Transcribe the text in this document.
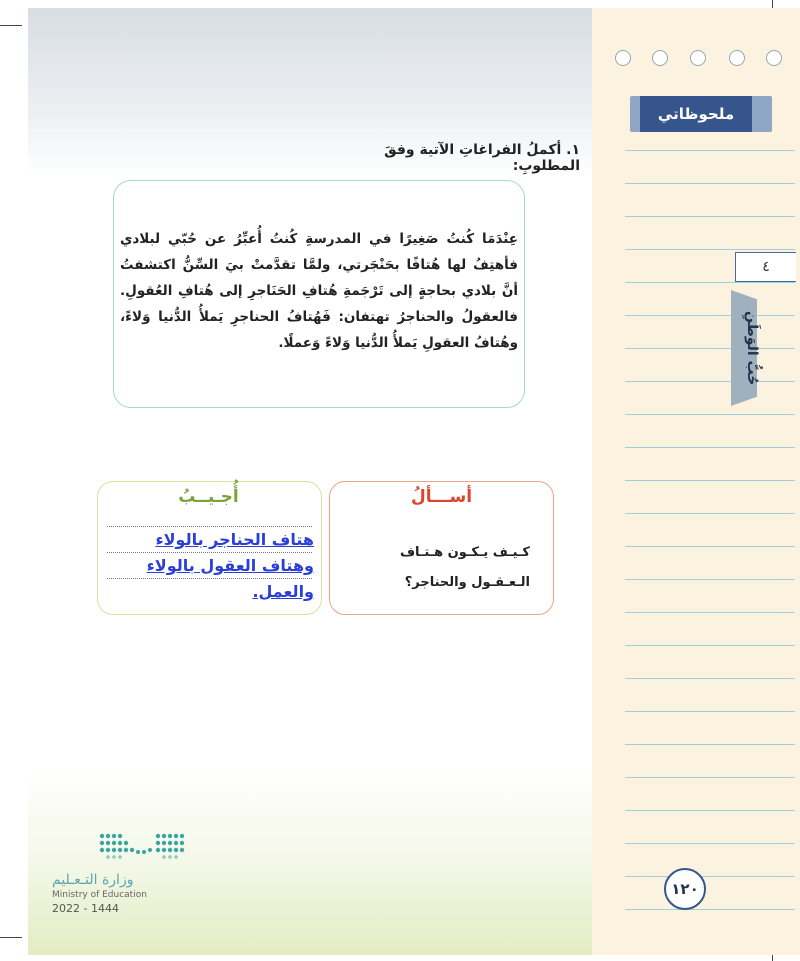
ملحوظاتي
٤
حُبُّ الوَطَنِ
١. أكملُ الفراغاتِ الآتية وفقَ المطلوبِ:
عِنْدَمَا كُنتُ صَغِيرًا في المدرسةِ كُنتُ أُعبِّرُ عن حُبّي لبلادي فأهتِفُ لها هُتافًا بحَنْجَرتي، ولمَّا تقدَّمتْ بيَ السِّنُّ اكتشفتُ أنَّ بلادي بحاجةٍ إلى تَرْجَمةِ هُتافِ الحَنَاجرِ إلى هُتافِ العُقولِ. فالعقولُ والحناجرُ تهتفان: فَهُتافُ الحناجرِ يَملأُ الدُّنيا وَلاءً، وهُتافُ العقولِ يَملأُ الدُّنيا وَلاءً وَعملًا.
أســـألُ
كـيـف يـكـون هـتـاف الـعـقـول والحناجر؟
أُجـيــبُ
هتاف الحناجر بالولاء وهتاف العقول بالولاء والعمل.
وزارة التـعـليم
Ministry of Education
2022 - 1444
١٢٠
